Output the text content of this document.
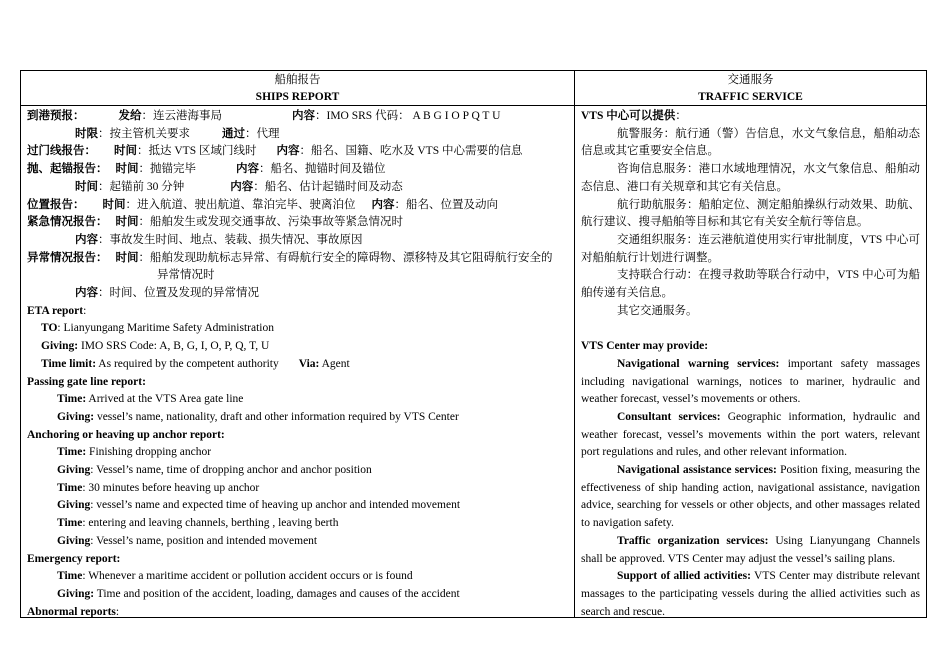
船舶报告
SHIPS REPORT
到港预报：	发给：连云港海事局	内容：IMO SRS 代码： A B G I O P Q T U
时限：按主管机关要求	通过：代理
过门线报告： 时间：抵达 VTS 区域门线时 内容：船名、国籍、吃水及 VTS 中心需要的信息
抛、起锚报告： 时间：抛锚完毕	内容：船名、抛锚时间及锚位
时间：起锚前 30 分钟	内容：船名、估计起锚时间及动态
位置报告： 时间：进入航道、驶出航道、靠泊完毕、驶离泊位 内容：船名、位置及动向
紧急情况报告： 时间：船舶发生或发现交通事故、污染事故等紧急情况时
内容：事故发生时间、地点、装载、损失情况、事故原因
异常情况报告： 时间：船舶发现助航标志异常、有碍航行安全的障碍物、漂移特及其它阻碍航行安全的
异常情况时
内容：时间、位置及发现的异常情况
ETA report:
TO: Lianyungang Maritime Safety Administration
Giving: IMO SRS Code: A, B, G, I, O, P, Q, T, U
Time limit: As required by the competent authority Via: Agent
Passing gate line report:
Time: Arrived at the VTS Area gate line
Giving: vessel’s name, nationality, draft and other information required by VTS Center
Anchoring or heaving up anchor report:
Time: Finishing dropping anchor
Giving: Vessel’s name, time of dropping anchor and anchor position
Time: 30 minutes before heaving up anchor
Giving: vessel’s name and expected time of heaving up anchor and intended movement
Time: entering and leaving channels, berthing , leaving berth
Giving: Vessel’s name, position and intended movement
Emergency report:
Time: Whenever a maritime accident or pollution accident occurs or is found
Giving: Time and position of the accident, loading, damages and causes of the accident
Abnormal reports:
交通服务
TRAFFIC SERVICE
VTS 中心可以提供：

航警服务：航行通（警）告信息，水文气象信息，船舶动态信息或其它重要安全信息。

咨询信息服务：港口水域地理情况，水文气象信息、船舶动态信息、港口有关规章和其它有关信息。

航行助航服务：船舶定位、测定船舶操纵行动效果、助航、航行建议、搜寻船舶等目标和其它有关安全航行等信息。

交通组织服务：连云港航道使用实行审批制度，VTS 中心可对船舶航行计划进行调整。

支持联合行动：在搜寻救助等联合行动中，VTS 中心可为船舶传递有关信息。

其它交通服务。

VTS Center may provide:

Navigational warning services: important safety massages including navigational warnings, notices to mariner, hydraulic and weather forecast, vessel’s movements or others.

Consultant services: Geographic information, hydraulic and weather forecast, vessel’s movements within the port waters, relevant port regulations and rules, and other relevant information.

Navigational assistance services: Position fixing, measuring the effectiveness of ship handing action, navigational assistance, navigation advice, searching for vessels or other objects, and other massages related to navigation safety.

Traffic organization services: Using Lianyungang Channels shall be approved. VTS Center may adjust the vessel’s sailing plans.

Support of allied activities: VTS Center may distribute relevant massages to the participating vessels during the allied activities such as search and rescue.
